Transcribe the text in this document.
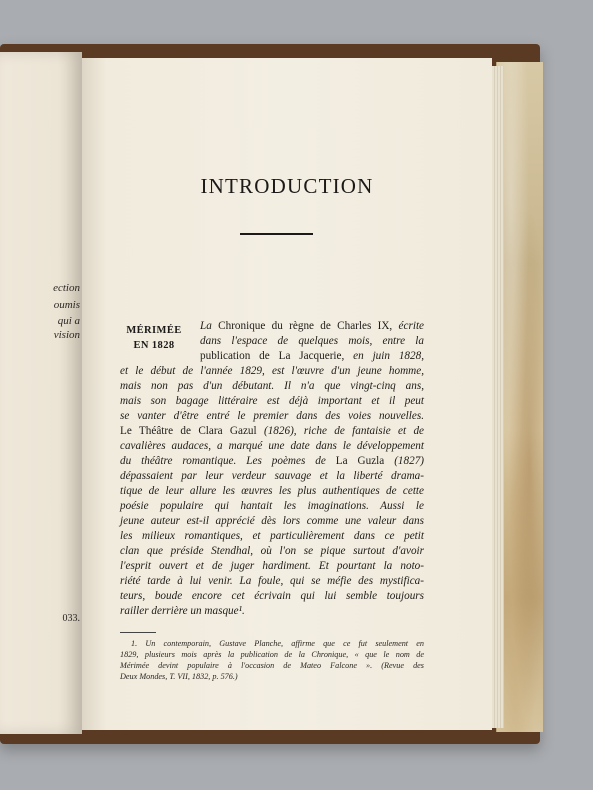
ection
oumis
qui a
vision
033.
INTRODUCTION
MÉRIMÉE
EN 1828
La Chronique du règne de Charles IX, écrite
dans l'espace de quelques mois, entre la
publication de La Jacquerie, en juin 1828,
et le début de l'année 1829, est l'œuvre d'un jeune homme,
mais non pas d'un débutant. Il n'a que vingt-cinq ans,
mais son bagage littéraire est déjà important et il peut
se vanter d'être entré le premier dans des voies nouvelles.
Le Théâtre de Clara Gazul (1826), riche de fantaisie et de
cavalières audaces, a marqué une date dans le développement
du théâtre romantique. Les poèmes de La Guzla (1827)
dépassaient par leur verdeur sauvage et la liberté drama-
tique de leur allure les œuvres les plus authentiques de cette
poésie populaire qui hantait les imaginations. Aussi le
jeune auteur est-il apprécié dès lors comme une valeur dans
les milieux romantiques, et particulièrement dans ce petit
clan que préside Stendhal, où l'on se pique surtout d'avoir
l'esprit ouvert et de juger hardiment. Et pourtant la noto-
riété tarde à lui venir. La foule, qui se méfie des mystifica-
teurs, boude encore cet écrivain qui lui semble toujours
railler derrière un masque¹.
1. Un contemporain, Gustave Planche, affirme que ce fut seulement en
1829, plusieurs mois après la publication de la Chronique, « que le nom de
Mérimée devint populaire à l'occasion de Mateo Falcone ». (Revue des
Deux Mondes, T. VII, 1832, p. 576.)
